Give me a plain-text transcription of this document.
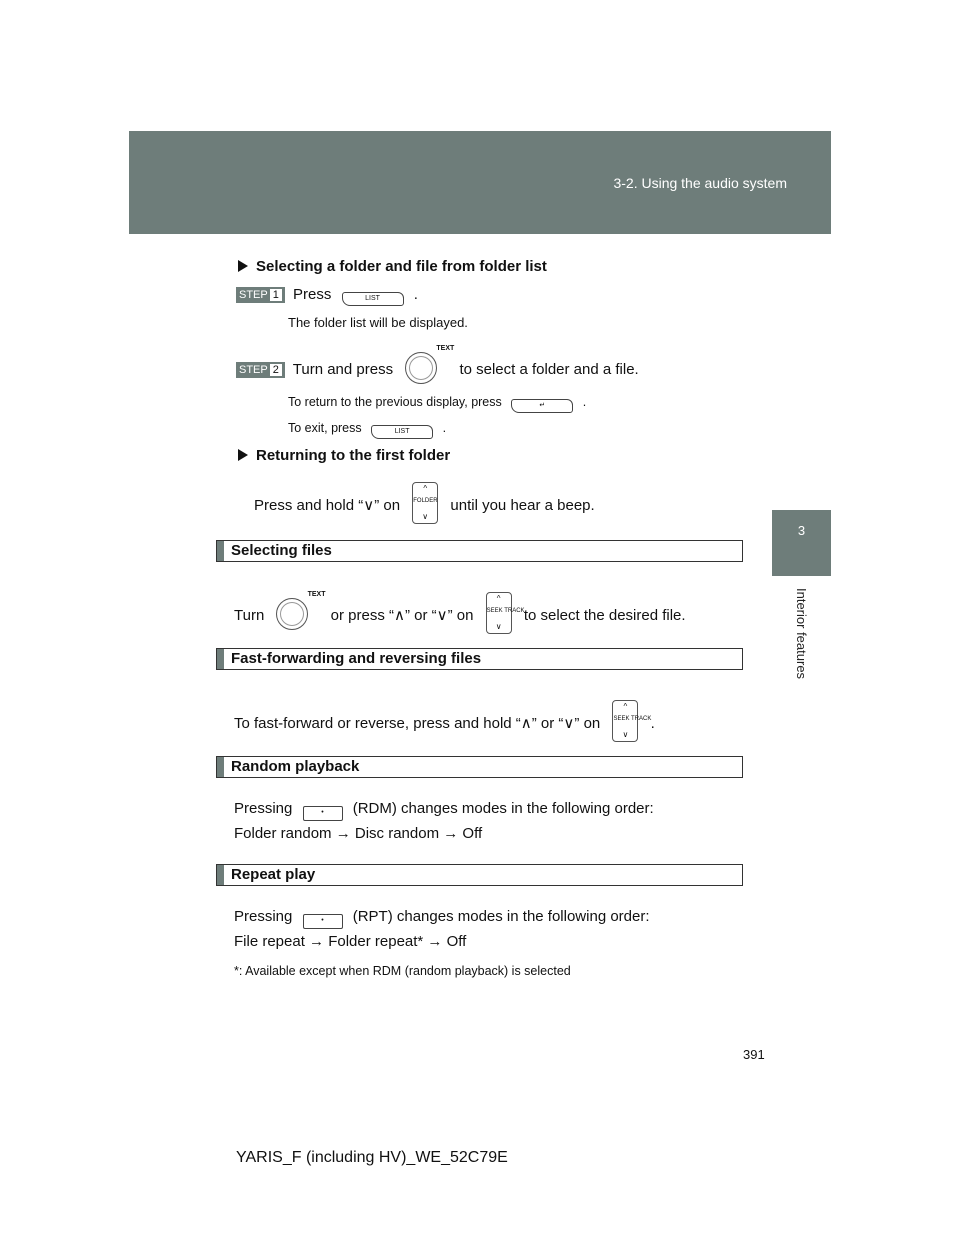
3-2. Using the audio system
3
Interior features
Selecting a folder and file from folder list
STEP 1 Press	LIST .
The folder list will be displayed.
STEP 2 Turn and press
TEXT
to select a folder and a file.
To return to the previous display, press	↵	.
To exit, press	LIST	.
Returning to the first folder
Press and hold “∨” on
^
FOLDER
∨
until you hear a beep.
Selecting files
Turn
TEXT
or press “∧” or “∨” on
^
SEEK TRACK
∨
to select the desired file.
Fast-forwarding and reversing files
To fast-forward or reverse, press and hold “∧” or “∨” on
^
SEEK TRACK
∨
.
Random playback
Pressing	• (RDM) changes modes in the following order:
Folder random → Disc random → Off
Repeat play
Pressing	• (RPT) changes modes in the following order:
File repeat → Folder repeat* → Off
*: Available except when RDM (random playback) is selected
391
YARIS_F (including HV)_WE_52C79E
